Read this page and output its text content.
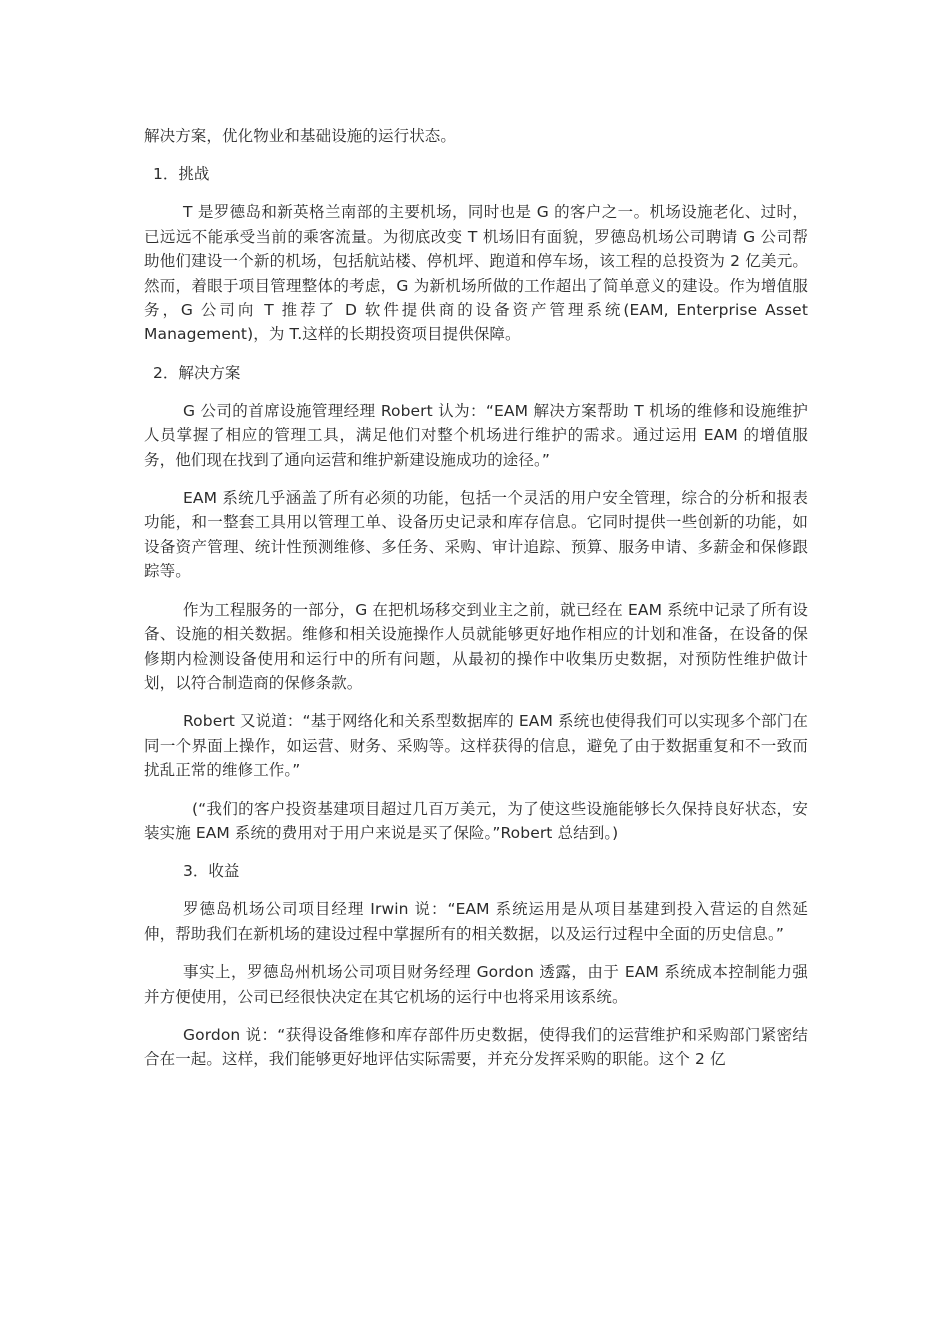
解决方案，优化物业和基础设施的运行状态。

1．挑战

T 是罗德岛和新英格兰南部的主要机场，同时也是 G 的客户之一。机场设施老化、过时，已远远不能承受当前的乘客流量。为彻底改变 T 机场旧有面貌，罗德岛机场公司聘请 G 公司帮助他们建设一个新的机场，包括航站楼、停机坪、跑道和停车场，该工程的总投资为 2 亿美元。然而，着眼于项目管理整体的考虑，G 为新机场所做的工作超出了简单意义的建设。作为增值服务，G 公司向 T 推荐了 D 软件提供商的设备资产管理系统(EAM, Enterprise Asset Management)，为 T.这样的长期投资项目提供保障。

2．解决方案

G 公司的首席设施管理经理 Robert 认为：“EAM 解决方案帮助 T 机场的维修和设施维护人员掌握了相应的管理工具，满足他们对整个机场进行维护的需求。通过运用 EAM 的增值服务，他们现在找到了通向运营和维护新建设施成功的途径。”

EAM 系统几乎涵盖了所有必须的功能，包括一个灵活的用户安全管理，综合的分析和报表功能，和一整套工具用以管理工单、设备历史记录和库存信息。它同时提供一些创新的功能，如设备资产管理、统计性预测维修、多任务、采购、审计追踪、预算、服务申请、多薪金和保修跟踪等。

作为工程服务的一部分，G 在把机场移交到业主之前，就已经在 EAM 系统中记录了所有设备、设施的相关数据。维修和相关设施操作人员就能够更好地作相应的计划和准备，在设备的保修期内检测设备使用和运行中的所有问题，从最初的操作中收集历史数据，对预防性维护做计划，以符合制造商的保修条款。

Robert 又说道：“基于网络化和关系型数据库的 EAM 系统也使得我们可以实现多个部门在同一个界面上操作，如运营、财务、采购等。这样获得的信息，避免了由于数据重复和不一致而扰乱正常的维修工作。”

(“我们的客户投资基建项目超过几百万美元，为了使这些设施能够长久保持良好状态，安装实施 EAM 系统的费用对于用户来说是买了保险。”Robert 总结到。)

3．收益

罗德岛机场公司项目经理 Irwin 说：“EAM 系统运用是从项目基建到投入营运的自然延伸，帮助我们在新机场的建设过程中掌握所有的相关数据，以及运行过程中全面的历史信息。”

事实上，罗德岛州机场公司项目财务经理 Gordon 透露，由于 EAM 系统成本控制能力强并方便使用，公司已经很快决定在其它机场的运行中也将采用该系统。

Gordon 说：“获得设备维修和库存部件历史数据，使得我们的运营维护和采购部门紧密结合在一起。这样，我们能够更好地评估实际需要，并充分发挥采购的职能。这个 2 亿
